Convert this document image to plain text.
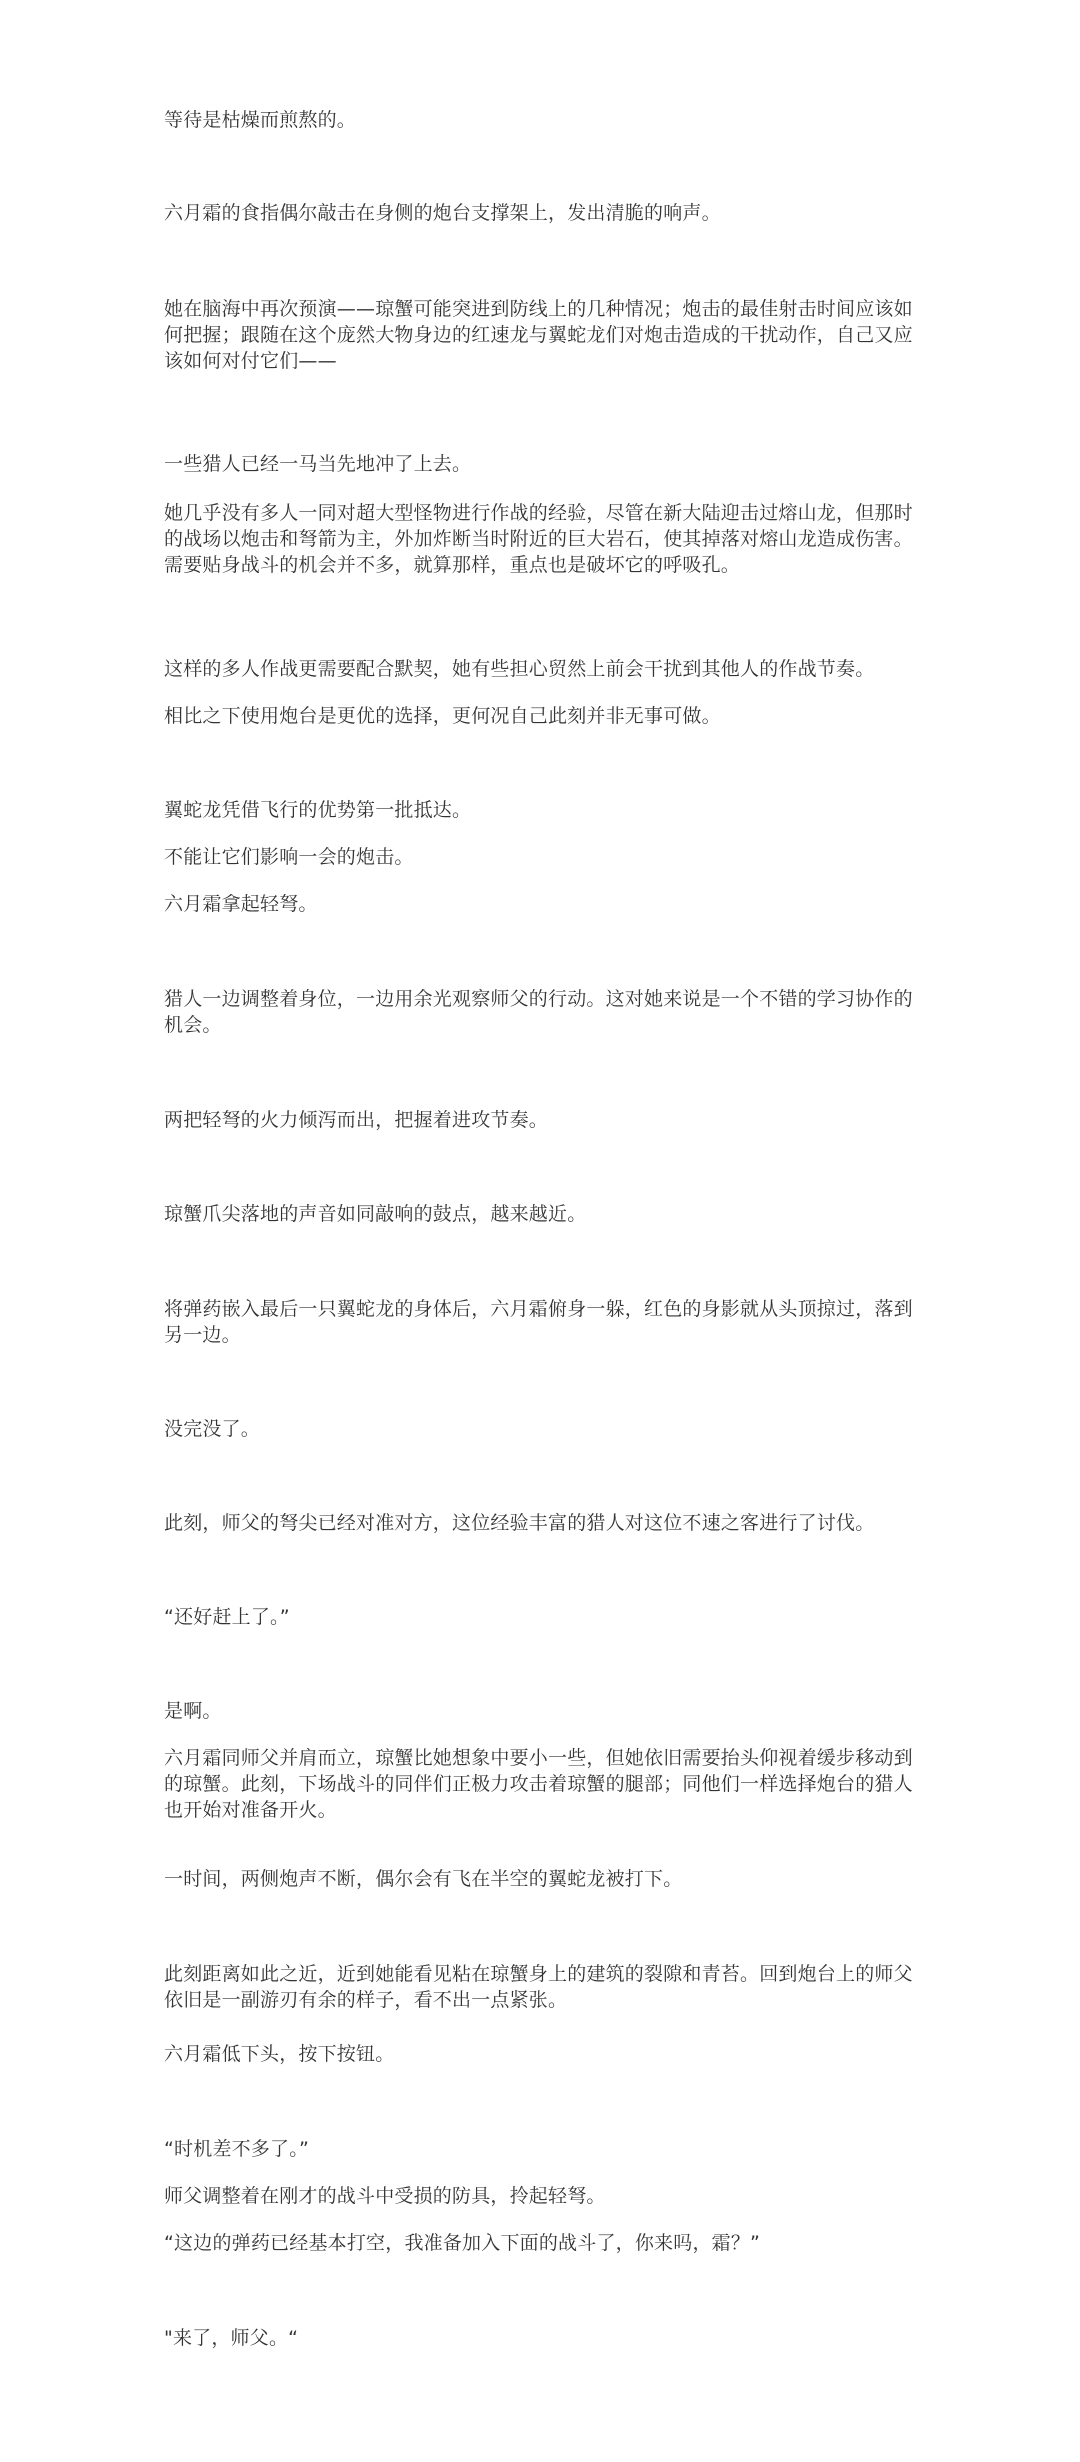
等待是枯燥而煎熬的。

六月霜的食指偶尔敲击在身侧的炮台支撑架上，发出清脆的响声。

她在脑海中再次预演——琼蟹可能突进到防线上的几种情况；炮击的最佳射击时间应该如何把握；跟随在这个庞然大物身边的红速龙与翼蛇龙们对炮击造成的干扰动作，自己又应该如何对付它们——

一些猎人已经一马当先地冲了上去。

她几乎没有多人一同对超大型怪物进行作战的经验，尽管在新大陆迎击过熔山龙，但那时的战场以炮击和弩箭为主，外加炸断当时附近的巨大岩石，使其掉落对熔山龙造成伤害。需要贴身战斗的机会并不多，就算那样，重点也是破坏它的呼吸孔。

这样的多人作战更需要配合默契，她有些担心贸然上前会干扰到其他人的作战节奏。

相比之下使用炮台是更优的选择，更何况自己此刻并非无事可做。

翼蛇龙凭借飞行的优势第一批抵达。

不能让它们影响一会的炮击。

六月霜拿起轻弩。

猎人一边调整着身位，一边用余光观察师父的行动。这对她来说是一个不错的学习协作的机会。

两把轻弩的火力倾泻而出，把握着进攻节奏。

琼蟹爪尖落地的声音如同敲响的鼓点，越来越近。

将弹药嵌入最后一只翼蛇龙的身体后，六月霜俯身一躲，红色的身影就从头顶掠过，落到另一边。

没完没了。

此刻，师父的弩尖已经对准对方，这位经验丰富的猎人对这位不速之客进行了讨伐。

“还好赶上了。”

是啊。

六月霜同师父并肩而立，琼蟹比她想象中要小一些，但她依旧需要抬头仰视着缓步移动到的琼蟹。此刻，下场战斗的同伴们正极力攻击着琼蟹的腿部；同他们一样选择炮台的猎人也开始对准备开火。

一时间，两侧炮声不断，偶尔会有飞在半空的翼蛇龙被打下。

此刻距离如此之近，近到她能看见粘在琼蟹身上的建筑的裂隙和青苔。回到炮台上的师父依旧是一副游刃有余的样子，看不出一点紧张。

六月霜低下头，按下按钮。

“时机差不多了。”

师父调整着在刚才的战斗中受损的防具，拎起轻弩。

“这边的弹药已经基本打空，我准备加入下面的战斗了，你来吗，霜？”

"来了，师父。“
